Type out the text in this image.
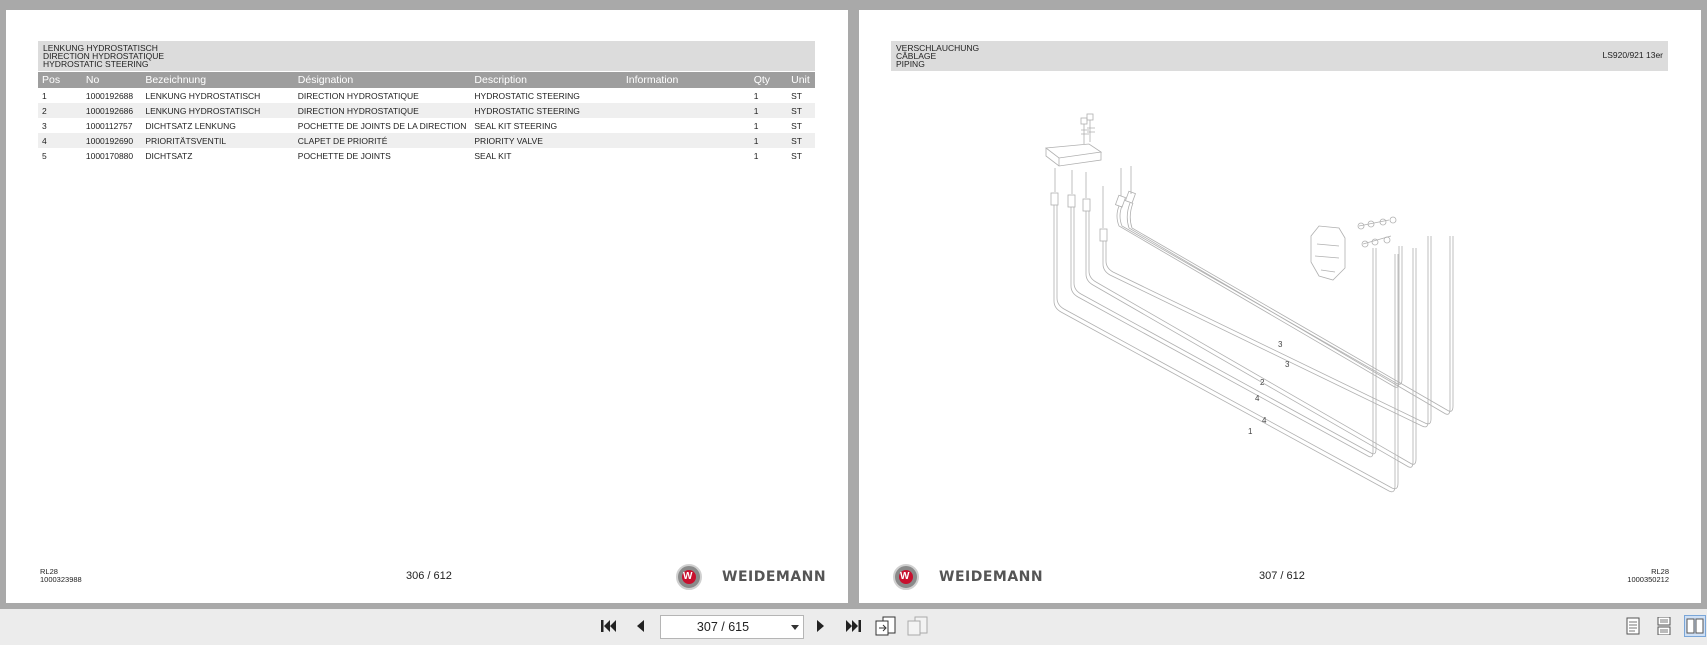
LENKUNG HYDROSTATISCH
DIRECTION HYDROSTATIQUE
HYDROSTATIC STEERING
Pos	No	Bezeichnung	Désignation	Description	Information	Qty	Unit
1	1000192688	LENKUNG HYDROSTATISCH	DIRECTION HYDROSTATIQUE	HYDROSTATIC STEERING		1	ST
2	1000192686	LENKUNG HYDROSTATISCH	DIRECTION HYDROSTATIQUE	HYDROSTATIC STEERING		1	ST
3	1000112757	DICHTSATZ LENKUNG	POCHETTE DE JOINTS DE LA DIRECTION	SEAL KIT STEERING		1	ST
4	1000192690	PRIORITÄTSVENTIL	CLAPET DE PRIORITÉ	PRIORITY VALVE		1	ST
5	1000170880	DICHTSATZ	POCHETTE DE JOINTS	SEAL KIT		1	ST
RL28
1000323988	306 / 612	W WEIDEMANN
VERSCHLAUCHUNG
CÂBLAGE
PIPING
LS920/921 13er
3
3
2
4
4
1
W WEIDEMANN	307 / 612	RL28
1000350212
307 / 615
